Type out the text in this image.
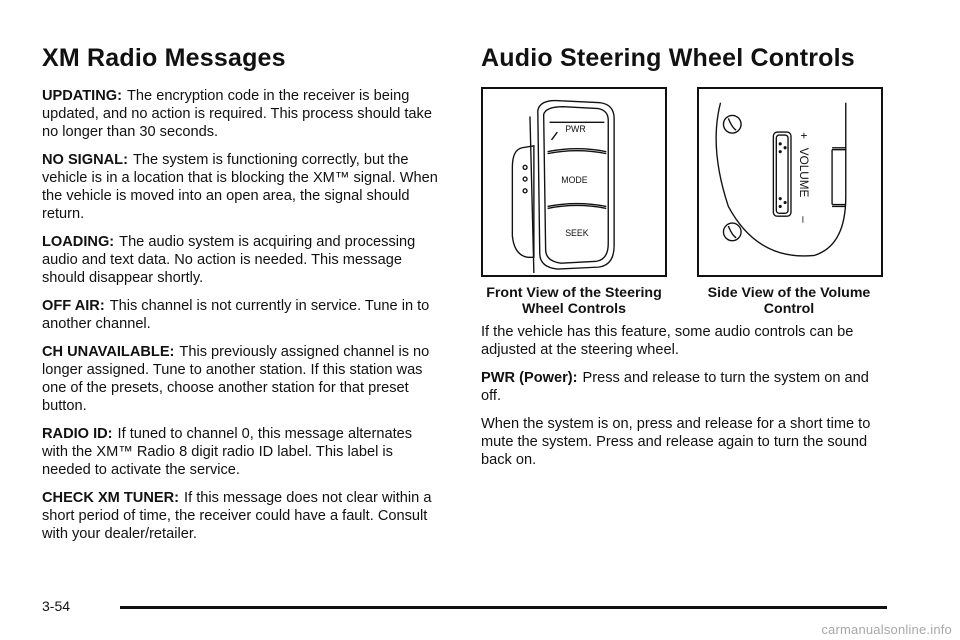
XM Radio Messages

UPDATING: The encryption code in the receiver is being updated, and no action is required. This process should take no longer than 30 seconds.

NO SIGNAL: The system is functioning correctly, but the vehicle is in a location that is blocking the XM™ signal. When the vehicle is moved into an open area, the signal should return.

LOADING: The audio system is acquiring and processing audio and text data. No action is needed. This message should disappear shortly.

OFF AIR: This channel is not currently in service. Tune in to another channel.

CH UNAVAILABLE: This previously assigned channel is no longer assigned. Tune to another station. If this station was one of the presets, choose another station for that preset button.

RADIO ID: If tuned to channel 0, this message alternates with the XM™ Radio 8 digit radio ID label. This label is needed to activate the service.

CHECK XM TUNER: If this message does not clear within a short period of time, the receiver could have a fault. Consult with your dealer/retailer.

Audio Steering Wheel Controls
PWR
MODE
SEEK
+
VOLUME
–
Front View of the Steering Wheel Controls
Side View of the Volume Control

If the vehicle has this feature, some audio controls can be adjusted at the steering wheel.

PWR (Power): Press and release to turn the system on and off.

When the system is on, press and release for a short time to mute the system. Press and release again to turn the sound back on.

3-54
carmanualsonline.info
